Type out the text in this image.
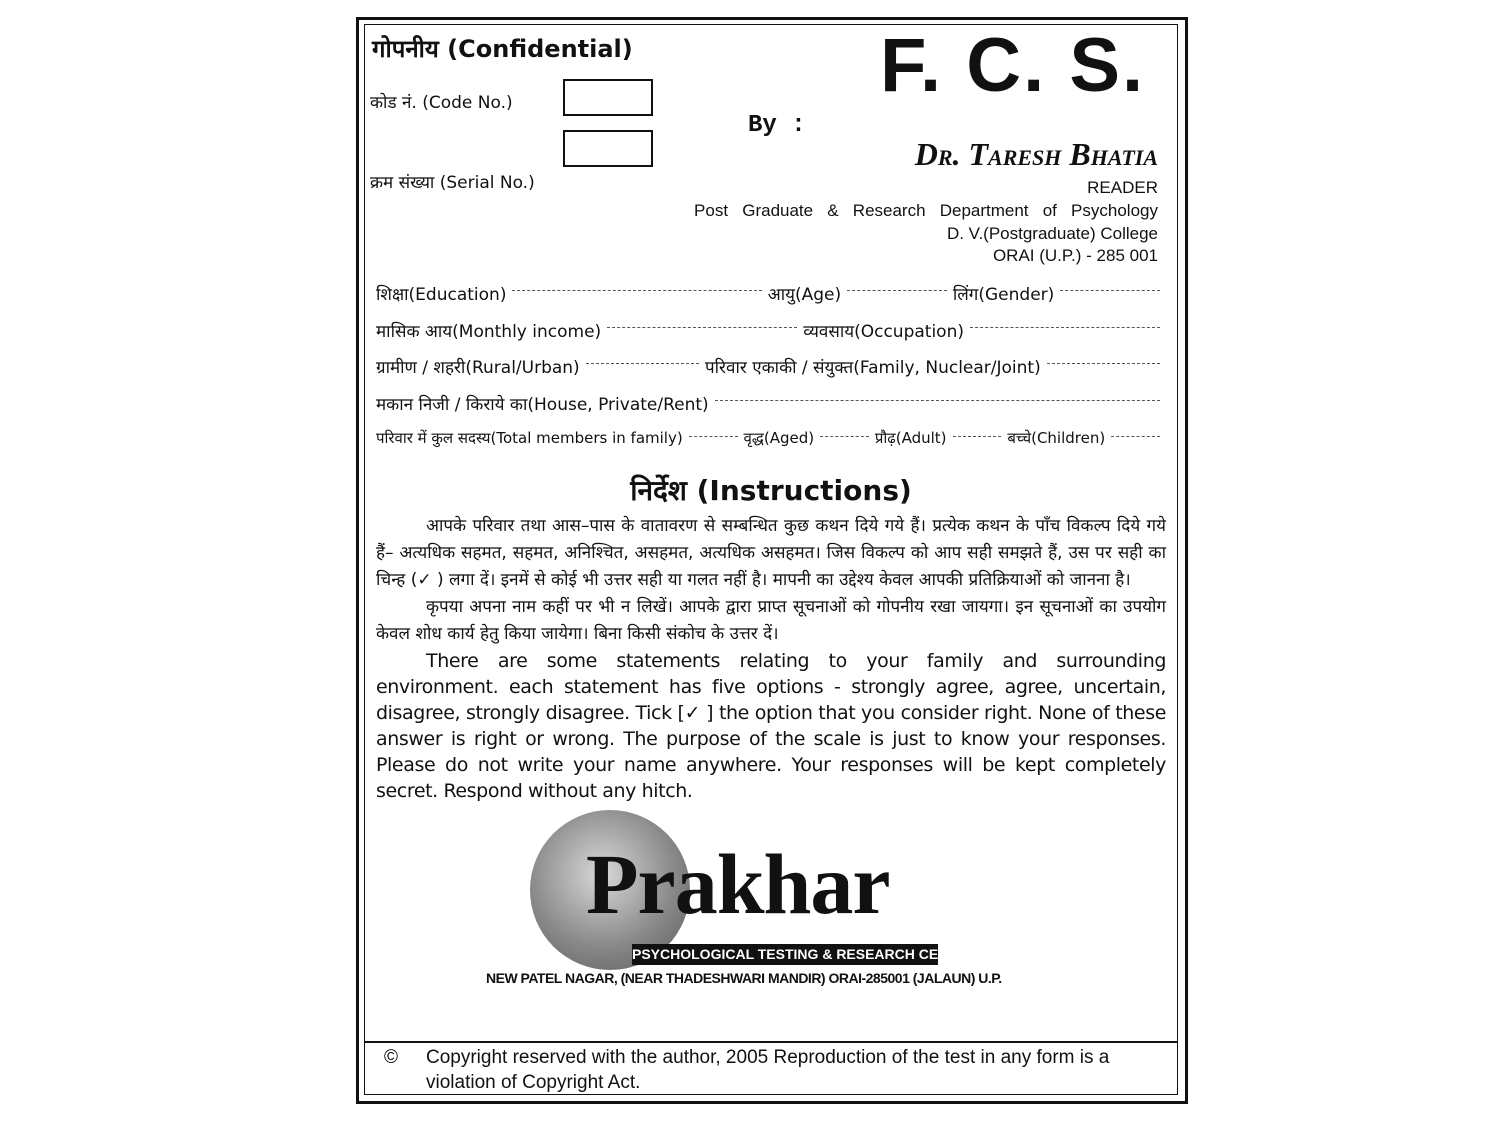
गोपनीय (Confidential)	F. C. S.
कोड नं. (Code No.)
क्रम संख्या (Serial No.)
By :
Dr. Taresh Bhatia
READER
Post   Graduate   &   Research   Department   of   Psychology
D. V.(Postgraduate) College
ORAI (U.P.) - 285 001
शिक्षा(Education)	आयु(Age)	लिंग(Gender)
मासिक आय(Monthly income)	व्यवसाय(Occupation)
ग्रामीण / शहरी(Rural/Urban)	परिवार एकाकी / संयुक्त(Family, Nuclear/Joint)
मकान निजी / किराये का(House, Private/Rent)
परिवार में कुल सदस्य(Total members in family)	वृद्ध(Aged)	प्रौढ़(Adult)	बच्चे(Children)
निर्देश (Instructions)
आपके परिवार तथा आस–पास के वातावरण से सम्बन्धित कुछ कथन दिये गये हैं। प्रत्येक कथन के पाँच विकल्प दिये गये हैं– अत्यधिक सहमत, सहमत, अनिश्चित, असहमत, अत्यधिक असहमत। जिस विकल्प को आप सही समझते हैं, उस पर सही का चिन्ह (✓ ) लगा दें। इनमें से कोई भी उत्तर सही या गलत नहीं है। मापनी का उद्देश्य केवल आपकी प्रतिक्रियाओं को जानना है।
कृपया अपना नाम कहीं पर भी न लिखें। आपके द्वारा प्राप्त सूचनाओं को गोपनीय रखा जायगा। इन सूचनाओं का उपयोग केवल शोध कार्य हेतु किया जायेगा। बिना किसी संकोच के उत्तर दें।
There are some statements relating to your family and surrounding environment. each statement has five options - strongly agree, agree, uncertain, disagree, strongly disagree. Tick [✓ ] the option that you consider right. None of these answer is right or wrong. The purpose of the scale is just to know your responses. Please do not write your name anywhere. Your responses will be kept completely secret. Respond without any hitch.
Prakhar
PSYCHOLOGICAL TESTING & RESEARCH CENTRE
NEW PATEL NAGAR, (NEAR THADESHWARI MANDIR) ORAI-285001 (JALAUN) U.P.
© Copyright reserved with the author, 2005 Reproduction of the test in any form is a violation of Copyright Act.
